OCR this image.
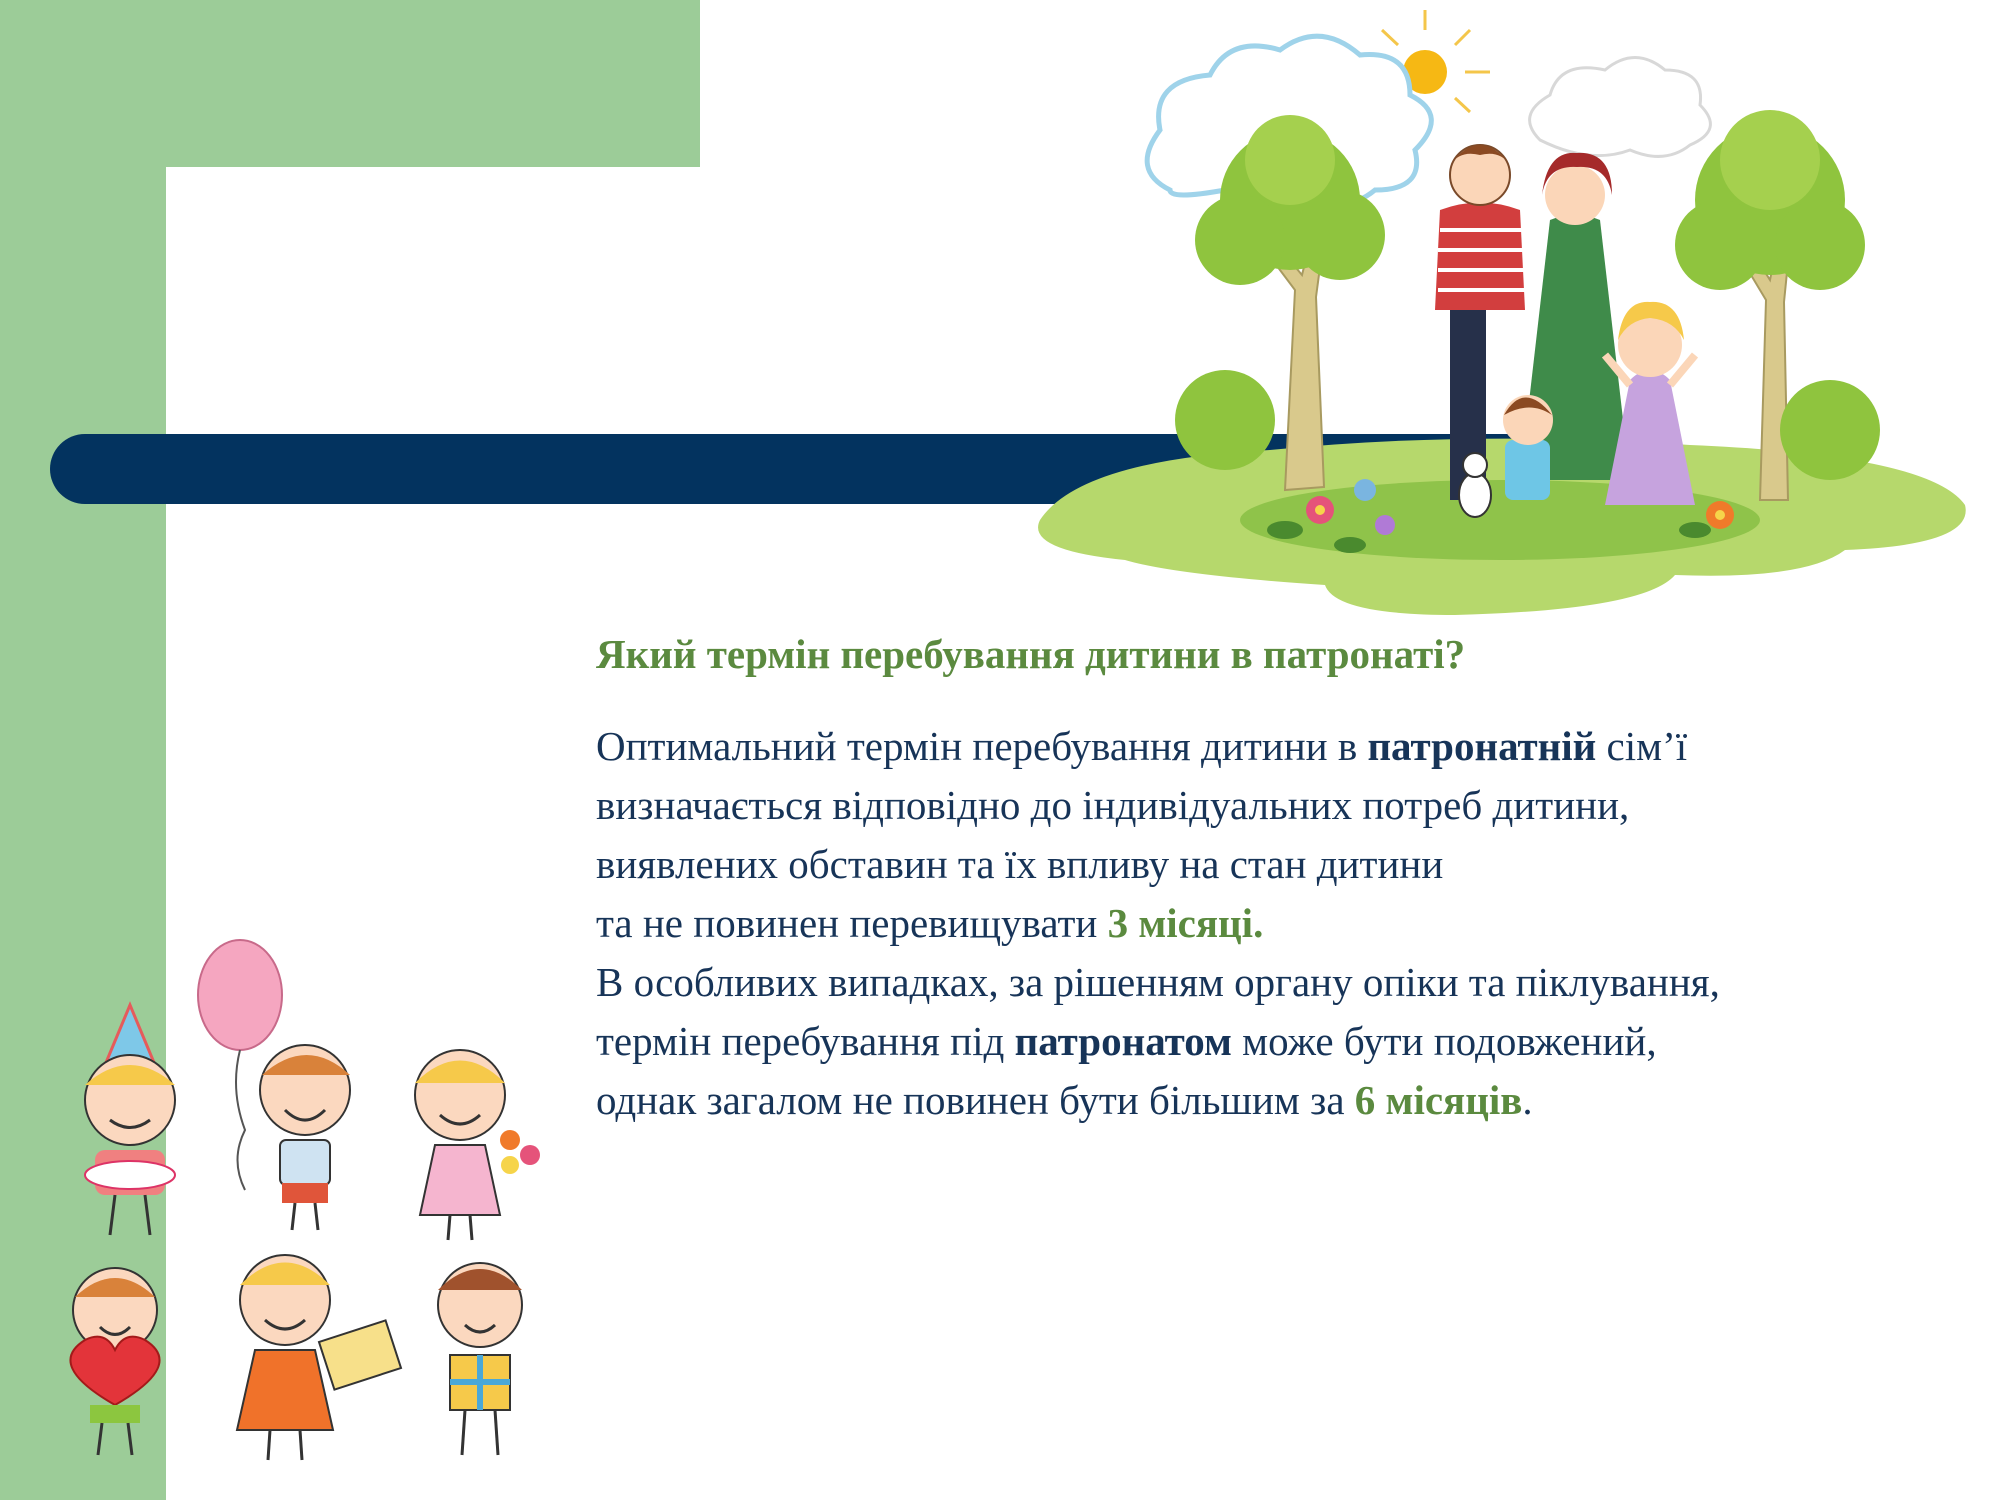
Який термін перебування дитини в патронаті?

Оптимальний термін перебування дитини в патронатній сім’ї
визначається відповідно до індивідуальних потреб дитини,
виявлених обставин та їх впливу на стан дитини
та не повинен перевищувати 3 місяці.
В особливих випадках, за рішенням органу опіки та піклування,
термін перебування під патронатом може бути подовжений,
однак загалом не повинен бути більшим за 6 місяців.
